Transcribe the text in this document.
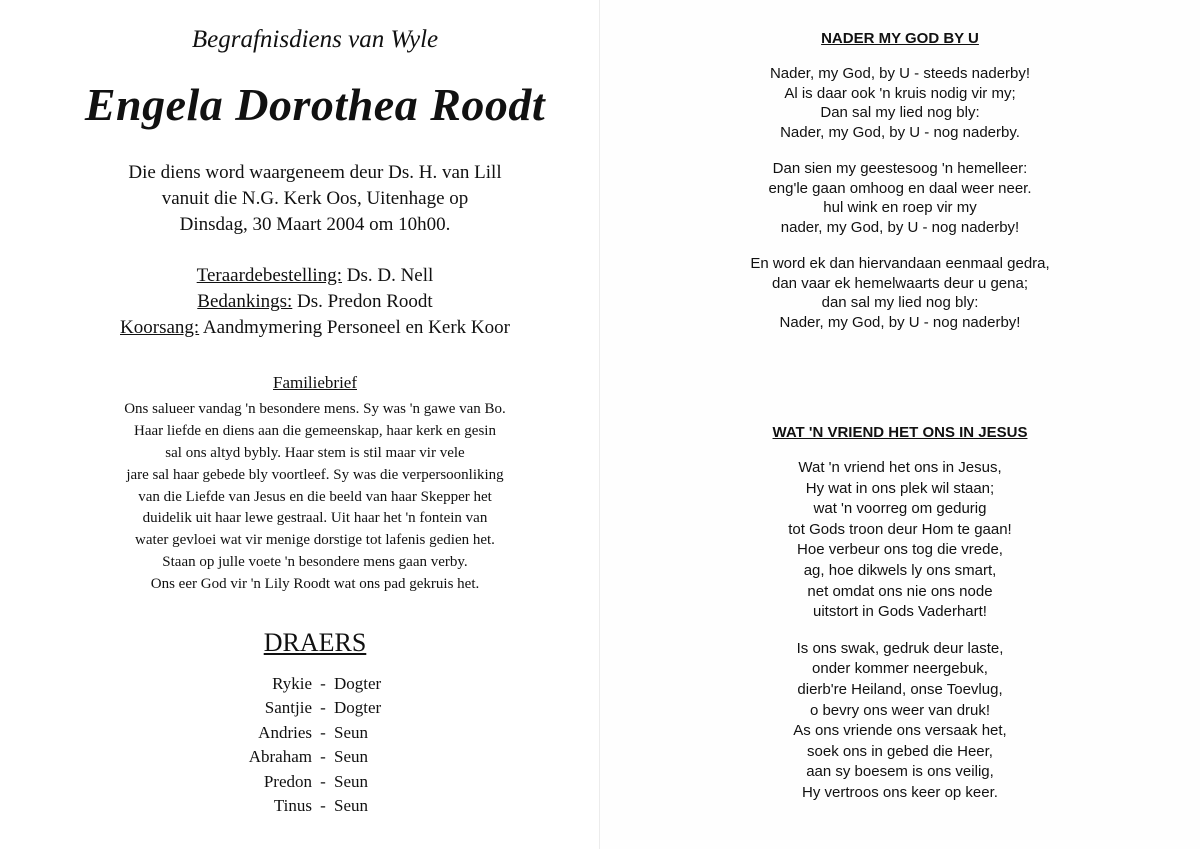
Begrafnisdiens van Wyle
Engela Dorothea Roodt
Die diens word waargeneem deur Ds. H. van Lill
vanuit die N.G. Kerk Oos, Uitenhage op
Dinsdag, 30 Maart 2004 om 10h00.
Teraardebestelling: Ds. D. Nell
Bedankings: Ds. Predon Roodt
Koorsang: Aandmymering Personeel en Kerk Koor
Familiebrief
Ons salueer vandag 'n besondere mens. Sy was 'n gawe van Bo.
Haar liefde en diens aan die gemeenskap, haar kerk en gesin
sal ons altyd bybly. Haar stem is stil maar vir vele
jare sal haar gebede bly voortleef. Sy was die verpersoonliking
van die Liefde van Jesus en die beeld van haar Skepper het
duidelik uit haar lewe gestraal. Uit haar het 'n fontein van
water gevloei wat vir menige dorstige tot lafenis gedien het.
Staan op julle voete 'n besondere mens gaan verby.
Ons eer God vir 'n Lily Roodt wat ons pad gekruis het.
DRAERS
Rykie - Dogter
Santjie - Dogter
Andries - Seun
Abraham - Seun
Predon - Seun
Tinus - Seun
NADER MY GOD BY U
Nader, my God, by U - steeds naderby!
Al is daar ook 'n kruis nodig vir my;
Dan sal my lied nog bly:
Nader, my God, by U - nog naderby.
Dan sien my geestesoog 'n hemelleer:
eng'le gaan omhoog en daal weer neer.
hul wink en roep vir my
nader, my God, by U - nog naderby!
En word ek dan hiervandaan eenmaal gedra,
dan vaar ek hemelwaarts deur u gena;
dan sal my lied nog bly:
Nader, my God, by U - nog naderby!
WAT 'N VRIEND HET ONS IN JESUS
Wat 'n vriend het ons in Jesus,
Hy wat in ons plek wil staan;
wat 'n voorreg om gedurig
tot Gods troon deur Hom te gaan!
Hoe verbeur ons tog die vrede,
ag, hoe dikwels ly ons smart,
net omdat ons nie ons node
uitstort in Gods Vaderhart!
Is ons swak, gedruk deur laste,
onder kommer neergebuk,
dierb're Heiland, onse Toevlug,
o bevry ons weer van druk!
As ons vriende ons versaak het,
soek ons in gebed die Heer,
aan sy boesem is ons veilig,
Hy vertroos ons keer op keer.
